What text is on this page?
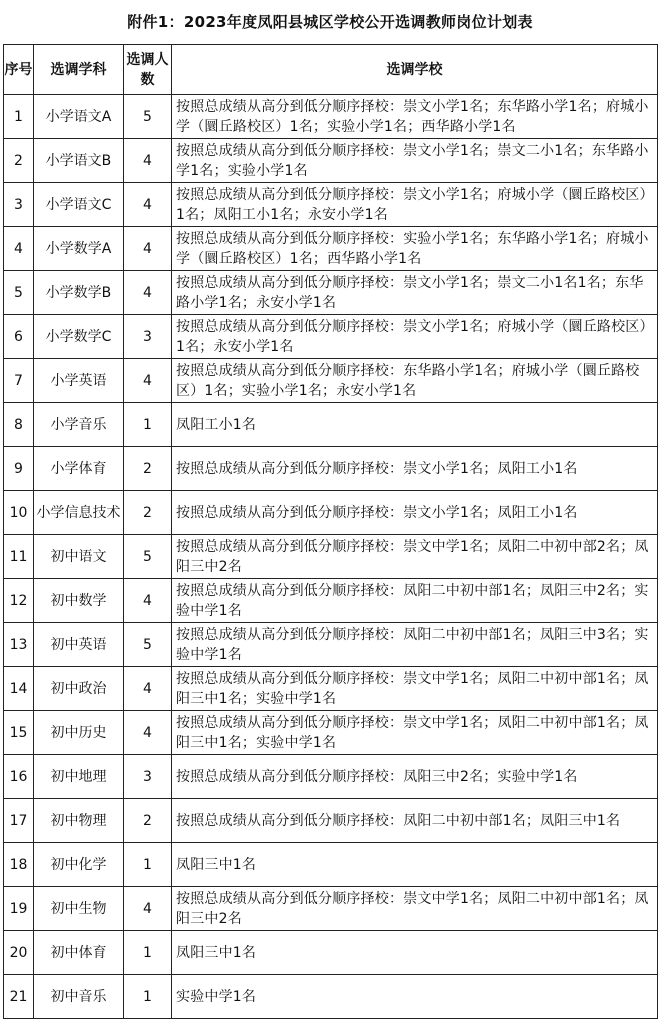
附件1：2023年度凤阳县城区学校公开选调教师岗位计划表
序号	选调学科	选调人数	选调学校
1	小学语文A	5	按照总成绩从高分到低分顺序择校：崇文小学1名；东华路小学1名；府城小学（圜丘路校区）1名；实验小学1名；西华路小学1名
2	小学语文B	4	按照总成绩从高分到低分顺序择校：崇文小学1名；崇文二小1名；东华路小学1名；实验小学1名
3	小学语文C	4	按照总成绩从高分到低分顺序择校：崇文小学1名；府城小学（圜丘路校区）1名；凤阳工小1名；永安小学1名
4	小学数学A	4	按照总成绩从高分到低分顺序择校：实验小学1名；东华路小学1名；府城小学（圜丘路校区）1名；西华路小学1名
5	小学数学B	4	按照总成绩从高分到低分顺序择校：崇文小学1名；崇文二小1名1名；东华路小学1名；永安小学1名
6	小学数学C	3	按照总成绩从高分到低分顺序择校：崇文小学1名；府城小学（圜丘路校区）1名；永安小学1名
7	小学英语	4	按照总成绩从高分到低分顺序择校：东华路小学1名；府城小学（圜丘路校区）1名；实验小学1名；永安小学1名
8	小学音乐	1	凤阳工小1名
9	小学体育	2	按照总成绩从高分到低分顺序择校：崇文小学1名；凤阳工小1名
10	小学信息技术	2	按照总成绩从高分到低分顺序择校：崇文小学1名；凤阳工小1名
11	初中语文	5	按照总成绩从高分到低分顺序择校：崇文中学1名；凤阳二中初中部2名；凤阳三中2名
12	初中数学	4	按照总成绩从高分到低分顺序择校：凤阳二中初中部1名；凤阳三中2名；实验中学1名
13	初中英语	5	按照总成绩从高分到低分顺序择校：凤阳二中初中部1名；凤阳三中3名；实验中学1名
14	初中政治	4	按照总成绩从高分到低分顺序择校：崇文中学1名；凤阳二中初中部1名；凤阳三中1名；实验中学1名
15	初中历史	4	按照总成绩从高分到低分顺序择校：崇文中学1名；凤阳二中初中部1名；凤阳三中1名；实验中学1名
16	初中地理	3	按照总成绩从高分到低分顺序择校：凤阳三中2名；实验中学1名
17	初中物理	2	按照总成绩从高分到低分顺序择校：凤阳二中初中部1名；凤阳三中1名
18	初中化学	1	凤阳三中1名
19	初中生物	4	按照总成绩从高分到低分顺序择校：崇文中学1名；凤阳二中初中部1名；凤阳三中2名
20	初中体育	1	凤阳三中1名
21	初中音乐	1	实验中学1名
